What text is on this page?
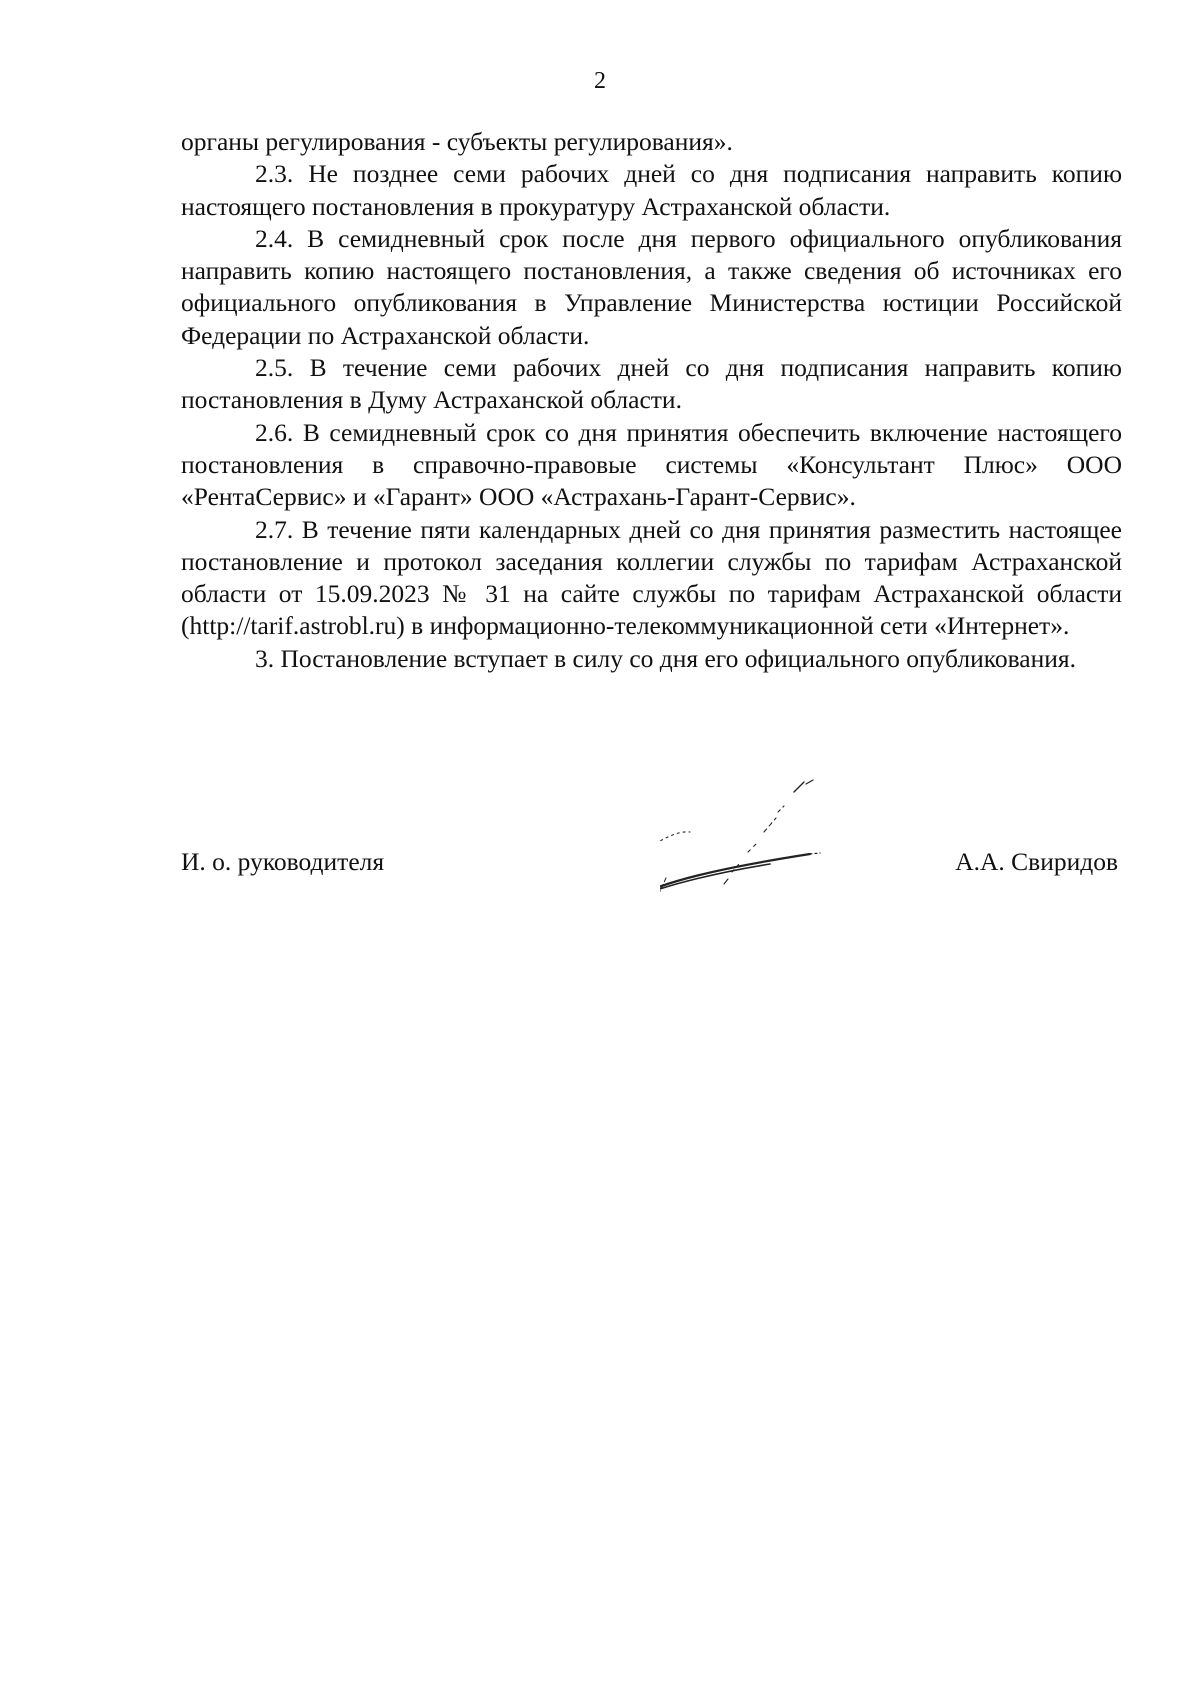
2

органы регулирования - субъекты регулирования».

2.3. Не позднее семи рабочих дней со дня подписания направить копию настоящего постановления в прокуратуру Астраханской области.

2.4. В семидневный срок после дня первого официального опубликования направить копию настоящего постановления, а также сведения об источниках его официального опубликования в Управление Министерства юстиции Российской Федерации по Астраханской области.

2.5. В течение семи рабочих дней со дня подписания направить копию постановления в Думу Астраханской области.

2.6. В семидневный срок со дня принятия обеспечить включение настоящего постановления в справочно-правовые системы «Консультант Плюс» ООО «РентаСервис» и «Гарант» ООО «Астрахань-Гарант-Сервис».

2.7. В течение пяти календарных дней со дня принятия разместить настоящее постановление и протокол заседания коллегии службы по тарифам Астраханской области от 15.09.2023 № 31 на сайте службы по тарифам Астраханской области (http://tarif.astrobl.ru) в информационно-телекоммуникационной сети «Интернет».

3. Постановление вступает в силу со дня его официального опубликования.

И. о. руководителя	А.А. Свиридов
